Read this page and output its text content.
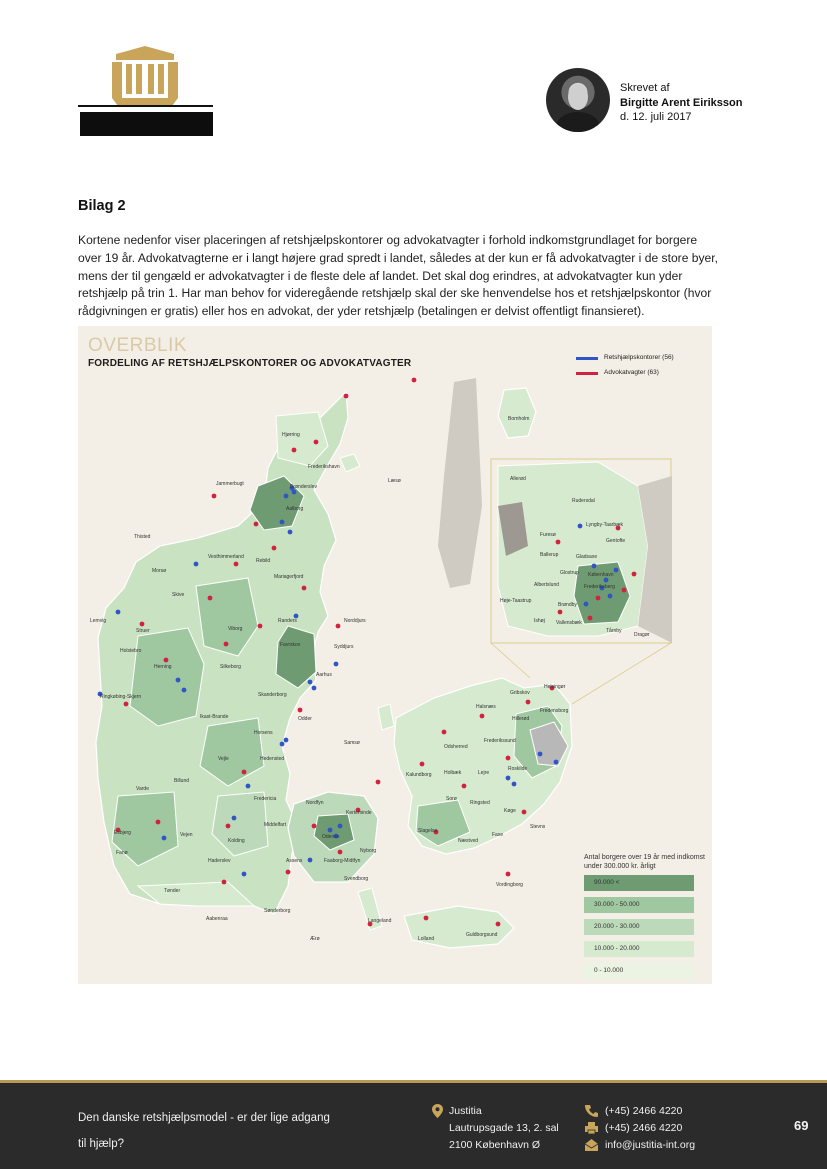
Skrevet af
Birgitte Arent Eiriksson
d. 12. juli 2017
Bilag 2
Kortene nedenfor viser placeringen af retshjælpskontorer og advokatvagter i forhold indkomstgrundlaget for borgere
over 19 år. Advokatvagterne er i langt højere grad spredt i landet, således at der kun er få advokatvagter i de store byer,
mens der til gengæld er advokatvagter i de fleste dele af landet. Det skal dog erindres, at advokatvagter kun yder
retshjælp på trin 1. Har man behov for videregående retshjælp skal der ske henvendelse hos et retshjælpskontor (hvor
rådgivningen er gratis) eller hos en advokat, der yder retshjælp (betalingen er delvist offentligt finansieret).
OVERBLIK
FORDELING AF RETSHJÆLPSKONTORER OG ADVOKATVAGTER
Retshjælpskontorer (56)
Advokatvagter (63)
Antal borgere over 19 år med indkomst under 300.000 kr. årligt
90.000 <
30.000 - 50.000
20.000 - 30.000
10.000 - 20.000
0 - 10.000
Hjørring
Frederikshavn
Brønderslev
Jammerbugt
Aalborg
Læsø
Thisted
Vesthimmerland
Rebild
Mariagerfjord
Morsø
Skive
Viborg
Randers	Norddjurs
Lemvig
Struer
Holstebro
Herning	Silkeborg
Favrskov	Syddjurs
Aarhus
Ringkøbing-Skjern
Ikast-Brande
Skanderborg
Odder
Horsens
Samsø
Hedensted
Varde
Billund
Vejle
Fredericia
Esbjerg	Vejen
Kolding
Middelfart
Nordfyn
Kerteminde
Odense
Fanø
Haderslev	Assens
Nyborg
Faaborg-Midtfyn
Svendborg
Tønder
Aabenraa
Sønderborg
Langeland
Ærø	Lolland
Guldborgsund
Vordingborg
Næstved
Faxe
Stevns
Slagelse
Ringsted
Køge
Sorø
Holbæk
Kalundborg
Odsherred
Lejre
Roskilde
Frederikssund
Hillerød
Halsnæs
Gribskov
Helsingør
Fredensborg
Bornholm
Allerød
Rudersdal
Furesø
Lyngby-Taarbæk
Gentofte
Gladsaxe
Ballerup
Glostrup
Albertslund
Høje-Taastrup
Brøndby
Ishøj Vallensbæk
København
Frederiksberg
Tårnby
Dragør
Den danske retshjælpsmodel - er der lige adgang
til hjælp?
Justitia
Lautrupsgade 13, 2. sal
2100 København Ø
(+45) 2466 4220
(+45) 2466 4220
info@justitia-int.org
69
